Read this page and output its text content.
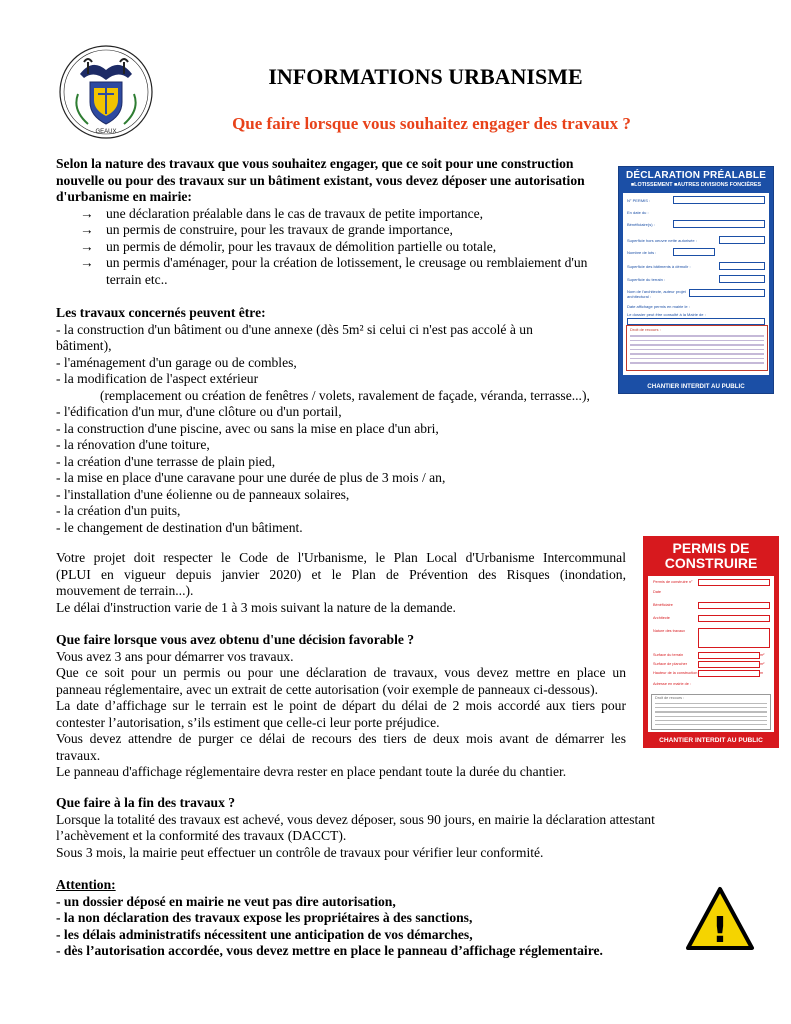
GEAUX
INFORMATIONS URBANISME
Que faire lorsque vous souhaitez engager des travaux ?
Selon la nature des travaux que vous souhaitez engager, que ce soit pour une construction
nouvelle ou pour des travaux sur un bâtiment existant, vous devez déposer une autorisation
d'urbanisme en mairie:
→ une déclaration préalable dans le cas de travaux de petite importance,
→ un permis de construire, pour les travaux de grande importance,
→ un permis de démolir, pour les travaux de démolition partielle ou totale,
→ un permis d'aménager, pour la création de lotissement, le creusage ou remblaiement d'un
terrain etc..
Les travaux concernés peuvent être:
- la construction d'un bâtiment ou d'une annexe (dès 5m² si celui ci n'est pas accolé à un
bâtiment),
- l'aménagement d'un garage ou de combles,
- la modification de l'aspect extérieur
(remplacement ou création de fenêtres / volets, ravalement de façade, véranda, terrasse...),
- l'édification d'un mur, d'une clôture ou d'un portail,
- la construction d'une piscine, avec ou sans la mise en place d'un abri,
- la rénovation d'une toiture,
- la création d'une terrasse de plain pied,
- la mise en place d'une caravane pour une durée de plus de 3 mois / an,
- l'installation d'une éolienne ou de panneaux solaires,
- la création d'un puits,
- le changement de destination d'un bâtiment.
Votre projet doit respecter le Code de l'Urbanisme, le Plan Local d'Urbanisme Intercommunal
(PLUI en vigueur depuis janvier 2020) et le Plan de Prévention des Risques (inondation,
mouvement de terrain...).
Le délai d'instruction varie de 1 à 3 mois suivant la nature de la demande.
Que faire lorsque vous avez obtenu d'une décision favorable ?
Vous avez 3 ans pour démarrer vos travaux.
Que ce soit pour un permis ou pour une déclaration de travaux, vous devez mettre en place un
panneau réglementaire, avec un extrait de cette autorisation (voir exemple de panneaux ci-dessous).
La date d’affichage sur le terrain est le point de départ du délai de 2 mois accordé aux tiers pour
contester l’autorisation, s’ils estiment que celle-ci leur porte préjudice.
Vous devez attendre de purger ce délai de recours des tiers de deux mois avant de démarrer les
travaux.
Le panneau d'affichage réglementaire devra rester en place pendant toute la durée du chantier.
Que faire à la fin des travaux ?
Lorsque la totalité des travaux est achevé, vous devez déposer, sous 90 jours, en mairie la déclaration attestant
l’achèvement et la conformité des travaux (DACCT).
Sous 3 mois, la mairie peut effectuer un contrôle de travaux pour vérifier leur conformité.
Attention:
- un dossier déposé en mairie ne veut pas dire autorisation,
- la non déclaration des travaux expose les propriétaires à des sanctions,
- les délais administratifs nécessitent une anticipation de vos démarches,
- dès l’autorisation accordée, vous devez mettre en place le panneau d’affichage réglementaire.
DÉCLARATION PRÉALABLE
■LOTISSEMENT ■AUTRES DIVISIONS FONCIÈRES
N° PERMIS :
En date du :
Bénéficiaire(s) :
Superficie hors oeuvre nette autorisée :
Nombre de lots :
Superficie des bâtiments à démolir :
Superficie du terrain :
Nom de l'architecte, auteur projet architectural :
Date affichage permis en mairie le :
Le dossier peut être consulté à la Mairie de :
Droit de recours :
CHANTIER INTERDIT AU PUBLIC
PERMIS DE
CONSTRUIRE
Permis de construire n°
Date
Bénéficiaire
Architecte
Nature des travaux
Surface du terrain	m²
Surface de plancher	m²
Hauteur de la construction	m
Adresse en mairie de :
Droit de recours :
CHANTIER INTERDIT AU PUBLIC
!
